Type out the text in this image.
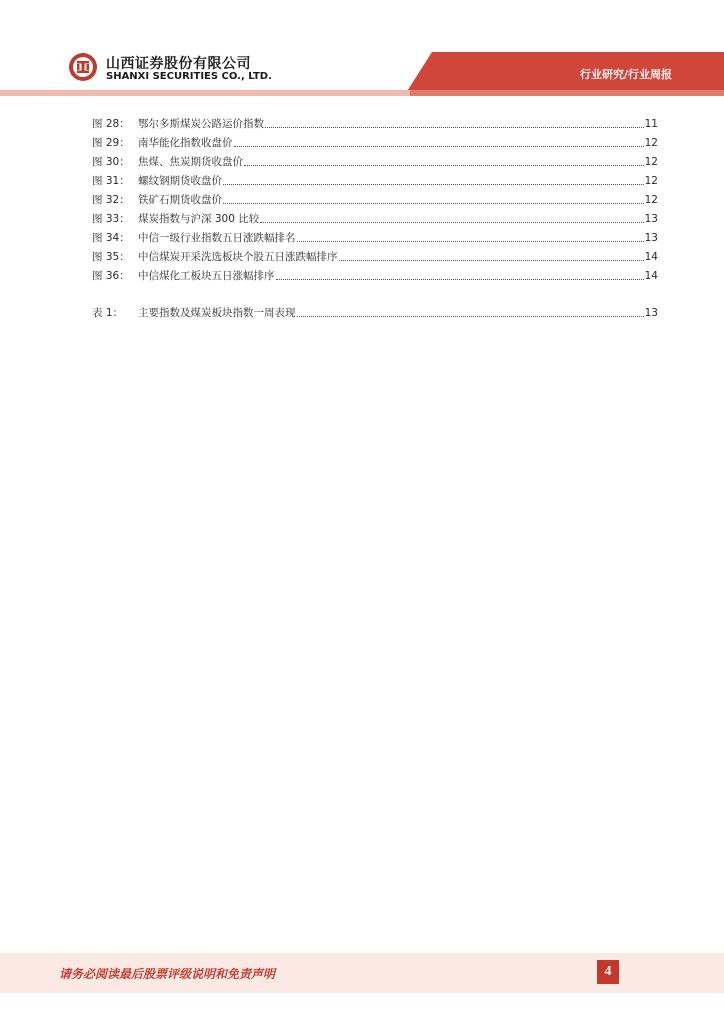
山西证券股份有限公司
SHANXI SECURITIES CO., LTD.	行业研究/行业周报
图 28： 鄂尔多斯煤炭公路运价指数	11
图 29： 南华能化指数收盘价	12
图 30： 焦煤、焦炭期货收盘价	12
图 31： 螺纹钢期货收盘价	12
图 32： 铁矿石期货收盘价	12
图 33： 煤炭指数与沪深 300 比较	13
图 34： 中信一级行业指数五日涨跌幅排名	13
图 35： 中信煤炭开采洗选板块个股五日涨跌幅排序	14
图 36： 中信煤化工板块五日涨幅排序	14
表 1：	主要指数及煤炭板块指数一周表现	13
请务必阅读最后股票评级说明和免责声明	4
